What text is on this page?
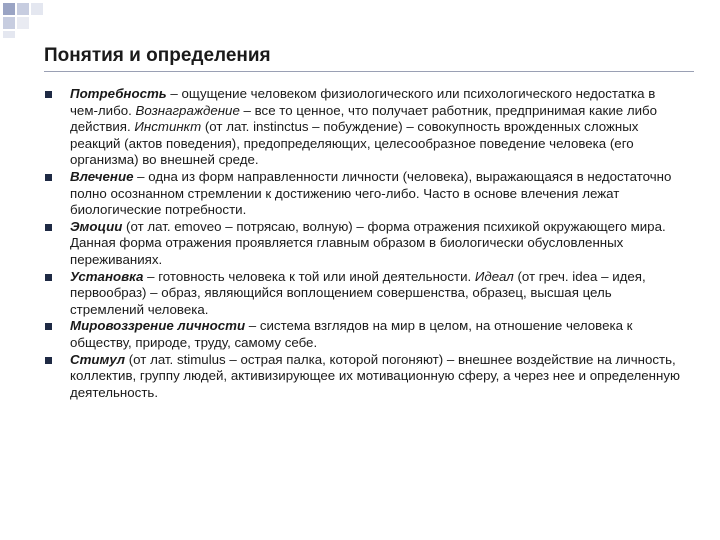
Понятия и определения
Потребность – ощущение человеком физиологического или психологического недостатка в чем-либо. Вознаграждение – все то ценное, что получает работник, предпринимая какие либо действия. Инстинкт (от лат. instinctus – побуждение) – совокупность врожденных сложных реакций (актов поведения), предопределяющих, целесообразное поведение человека (его организма) во внешней среде.
Влечение – одна из форм направленности личности (человека), выражающаяся в недостаточно полно осознанном стремлении к достижению чего-либо. Часто в основе влечения лежат биологические потребности.
Эмоции (от лат. emoveo – потрясаю, волную) – форма отражения психикой окружающего мира. Данная форма отражения проявляется главным образом в биологически обусловленных переживаниях.
Установка – готовность человека к той или иной деятельности. Идеал (от греч. idea – идея, первообраз) – образ, являющийся воплощением совершенства, образец, высшая цель стремлений человека.
Мировоззрение личности – система взглядов на мир в целом, на отношение человека к обществу, природе, труду, самому себе.
Стимул (от лат. stimulus – острая палка, которой погоняют) – внешнее воздействие на личность, коллектив, группу людей, активизирующее их мотивационную сферу, а через нее и определенную деятельность.
